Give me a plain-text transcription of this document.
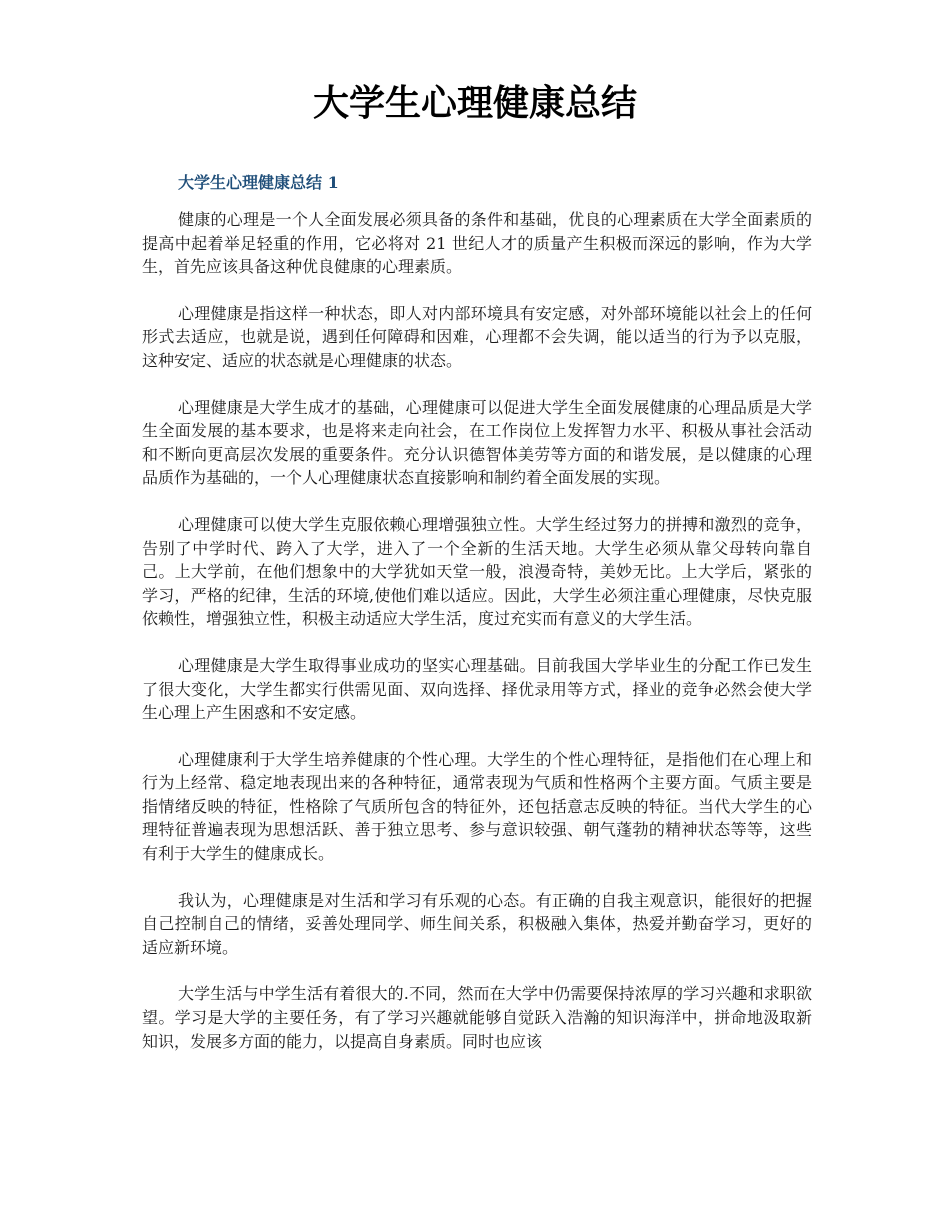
大学生心理健康总结
大学生心理健康总结 1

健康的心理是一个人全面发展必须具备的条件和基础，优良的心理素质在大学全面素质的提高中起着举足轻重的作用，它必将对 21 世纪人才的质量产生积极而深远的影响，作为大学生，首先应该具备这种优良健康的心理素质。

心理健康是指这样一种状态，即人对内部环境具有安定感，对外部环境能以社会上的任何形式去适应，也就是说，遇到任何障碍和因难，心理都不会失调，能以适当的行为予以克服，这种安定、适应的状态就是心理健康的状态。

心理健康是大学生成才的基础，心理健康可以促进大学生全面发展健康的心理品质是大学生全面发展的基本要求，也是将来走向社会，在工作岗位上发挥智力水平、积极从事社会活动和不断向更高层次发展的重要条件。充分认识德智体美劳等方面的和谐发展，是以健康的心理品质作为基础的，一个人心理健康状态直接影响和制约着全面发展的实现。

心理健康可以使大学生克服依赖心理增强独立性。大学生经过努力的拼搏和激烈的竞争，告别了中学时代、跨入了大学，进入了一个全新的生活天地。大学生必须从靠父母转向靠自己。上大学前，在他们想象中的大学犹如天堂一般，浪漫奇特，美妙无比。上大学后，紧张的学习，严格的纪律，生活的环境,使他们难以适应。因此，大学生必须注重心理健康，尽快克服依赖性，增强独立性，积极主动适应大学生活，度过充实而有意义的大学生活。

心理健康是大学生取得事业成功的坚实心理基础。目前我国大学毕业生的分配工作已发生了很大变化，大学生都实行供需见面、双向选择、择优录用等方式，择业的竞争必然会使大学生心理上产生困惑和不安定感。

心理健康利于大学生培养健康的个性心理。大学生的个性心理特征，是指他们在心理上和行为上经常、稳定地表现出来的各种特征，通常表现为气质和性格两个主要方面。气质主要是指情绪反映的特征，性格除了气质所包含的特征外，还包括意志反映的特征。当代大学生的心理特征普遍表现为思想活跃、善于独立思考、参与意识较强、朝气蓬勃的精神状态等等，这些有利于大学生的健康成长。

我认为，心理健康是对生活和学习有乐观的心态。有正确的自我主观意识，能很好的把握自己控制自己的情绪，妥善处理同学、师生间关系，积极融入集体，热爱并勤奋学习，更好的适应新环境。

大学生活与中学生活有着很大的.不同，然而在大学中仍需要保持浓厚的学习兴趣和求职欲望。学习是大学的主要任务，有了学习兴趣就能够自觉跃入浩瀚的知识海洋中，拼命地汲取新知识，发展多方面的能力，以提高自身素质。同时也应该
